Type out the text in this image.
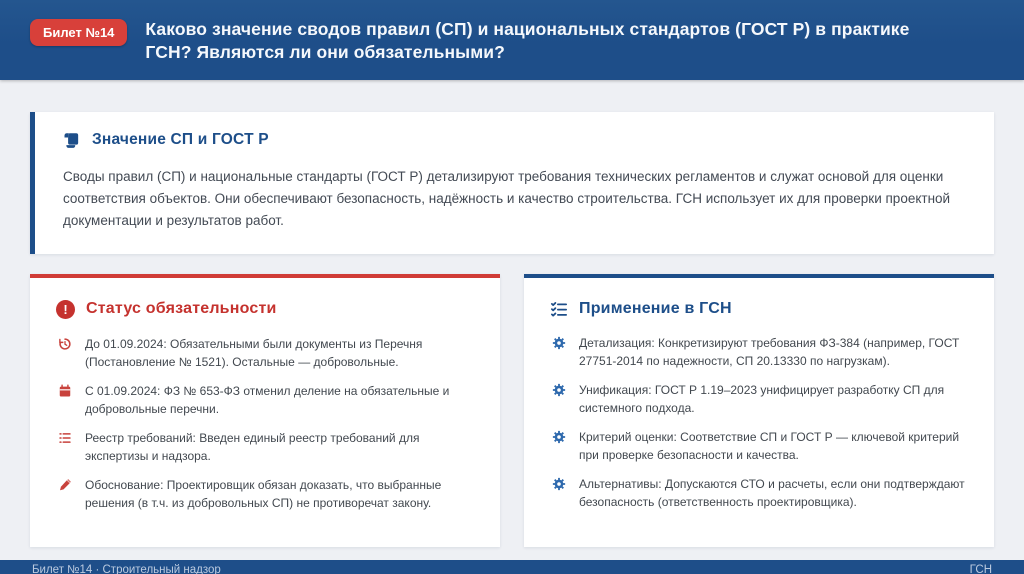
Билет №14	Каково значение сводов правил (СП) и национальных стандартов (ГОСТ Р) в практике ГСН? Являются ли они обязательными?
Значение СП и ГОСТ Р

Своды правил (СП) и национальные стандарты (ГОСТ Р) детализируют требования технических регламентов и служат основой для оценки соответствия объектов. Они обеспечивают безопасность, надёжность и качество строительства. ГСН использует их для проверки проектной документации и результатов работ.

!
Статус обязательности
До 01.09.2024: Обязательными были документы из Перечня (Постановление № 1521). Остальные — добровольные.
С 01.09.2024: ФЗ № 653-ФЗ отменил деление на обязательные и добровольные перечни.
Реестр требований: Введен единый реестр требований для экспертизы и надзора.
Обоснование: Проектировщик обязан доказать, что выбранные решения (в т.ч. из добровольных СП) не противоречат закону.
Применение в ГСН
Детализация: Конкретизируют требования ФЗ-384 (например, ГОСТ 27751-2014 по надежности, СП 20.13330 по нагрузкам).
Унификация: ГОСТ Р 1.19–2023 унифицирует разработку СП для системного подхода.
Критерий оценки: Соответствие СП и ГОСТ Р — ключевой критерий при проверке безопасности и качества.
Альтернативы: Допускаются СТО и расчеты, если они подтверждают безопасность (ответственность проектировщика).
Билет №14 · Строительный надзор	ГСН
